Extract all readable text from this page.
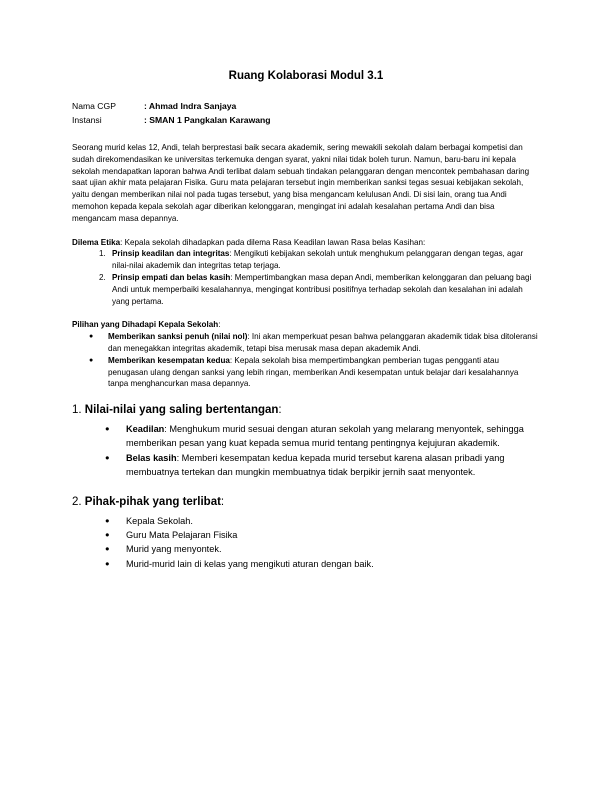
Ruang Kolaborasi Modul 3.1
Nama CGP	: Ahmad Indra Sanjaya
Instansi	: SMAN 1 Pangkalan Karawang

Seorang murid kelas 12, Andi, telah berprestasi baik secara akademik, sering mewakili sekolah dalam berbagai kompetisi dan sudah direkomendasikan ke universitas terkemuka dengan syarat, yakni nilai tidak boleh turun. Namun, baru-baru ini kepala sekolah mendapatkan laporan bahwa Andi terlibat dalam sebuah tindakan pelanggaran dengan mencontek pembahasan daring saat ujian akhir mata pelajaran Fisika. Guru mata pelajaran tersebut ingin memberikan sanksi tegas sesuai kebijakan sekolah, yaitu dengan memberikan nilai nol pada tugas tersebut, yang bisa mengancam kelulusan Andi. Di sisi lain, orang tua Andi memohon kepada kepala sekolah agar diberikan kelonggaran, mengingat ini adalah kesalahan pertama Andi dan bisa mengancam masa depannya.

Dilema Etika: Kepala sekolah dihadapkan pada dilema Rasa Keadilan lawan Rasa belas Kasihan:
1. Prinsip keadilan dan integritas: Mengikuti kebijakan sekolah untuk menghukum pelanggaran dengan tegas, agar nilai-nilai akademik dan integritas tetap terjaga.
2. Prinsip empati dan belas kasih: Mempertimbangkan masa depan Andi, memberikan kelonggaran dan peluang bagi Andi untuk memperbaiki kesalahannya, mengingat kontribusi positifnya terhadap sekolah dan kesalahan ini adalah yang pertama.
Pilihan yang Dihadapi Kepala Sekolah:
● Memberikan sanksi penuh (nilai nol): Ini akan memperkuat pesan bahwa pelanggaran akademik tidak bisa ditoleransi dan menegakkan integritas akademik, tetapi bisa merusak masa depan akademik Andi.
● Memberikan kesempatan kedua: Kepala sekolah bisa mempertimbangkan pemberian tugas pengganti atau penugasan ulang dengan sanksi yang lebih ringan, memberikan Andi kesempatan untuk belajar dari kesalahannya tanpa menghancurkan masa depannya.
1. Nilai-nilai yang saling bertentangan:
● Keadilan: Menghukum murid sesuai dengan aturan sekolah yang melarang menyontek, sehingga memberikan pesan yang kuat kepada semua murid tentang pentingnya kejujuran akademik.
● Belas kasih: Memberi kesempatan kedua kepada murid tersebut karena alasan pribadi yang membuatnya tertekan dan mungkin membuatnya tidak berpikir jernih saat menyontek.
2. Pihak-pihak yang terlibat:
● Kepala Sekolah.
● Guru Mata Pelajaran Fisika
● Murid yang menyontek.
● Murid-murid lain di kelas yang mengikuti aturan dengan baik.
